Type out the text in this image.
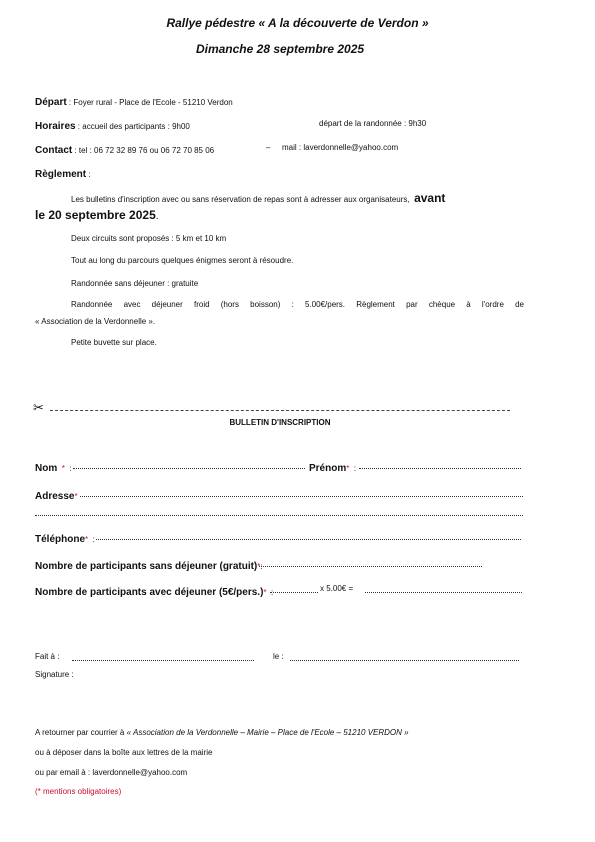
Rallye pédestre « A la découverte de Verdon »
Dimanche 28 septembre 2025
Départ : Foyer rural - Place de l'Ecole - 51210 Verdon
Horaires : accueil des participants : 9h00	départ de la randonnée : 9h30
Contact : tel : 06 72 32 89 76 ou 06 72 70 85 06	– mail : laverdonnelle@yahoo.com
Règlement :
Les bulletins d'inscription avec ou sans réservation de repas sont à adresser aux organisateurs, avant
le 20 septembre 2025.
Deux circuits sont proposés : 5 km et 10 km
Tout au long du parcours quelques énigmes seront à résoudre.
Randonnée sans déjeuner : gratuite
Randonnée avec déjeuner froid (hors boisson) : 5.00€/pers. Règlement par chèque à l'ordre de
« Association de la Verdonnelle ».
Petite buvette sur place.
✂
BULLETIN D'INSCRIPTION
Nom * :	Prénom* :
Adresse*
Téléphone* :
Nombre de participants sans déjeuner (gratuit)*:
Nombre de participants avec déjeuner (5€/pers.)* :	x 5.00€ =
Fait à :	le :
Signature :
A retourner par courrier à « Association de la Verdonnelle – Mairie – Place de l'Ecole – 51210 VERDON »
ou à déposer dans la boîte aux lettres de la mairie
ou par email à : laverdonnelle@yahoo.com
(* mentions obligatoires)
